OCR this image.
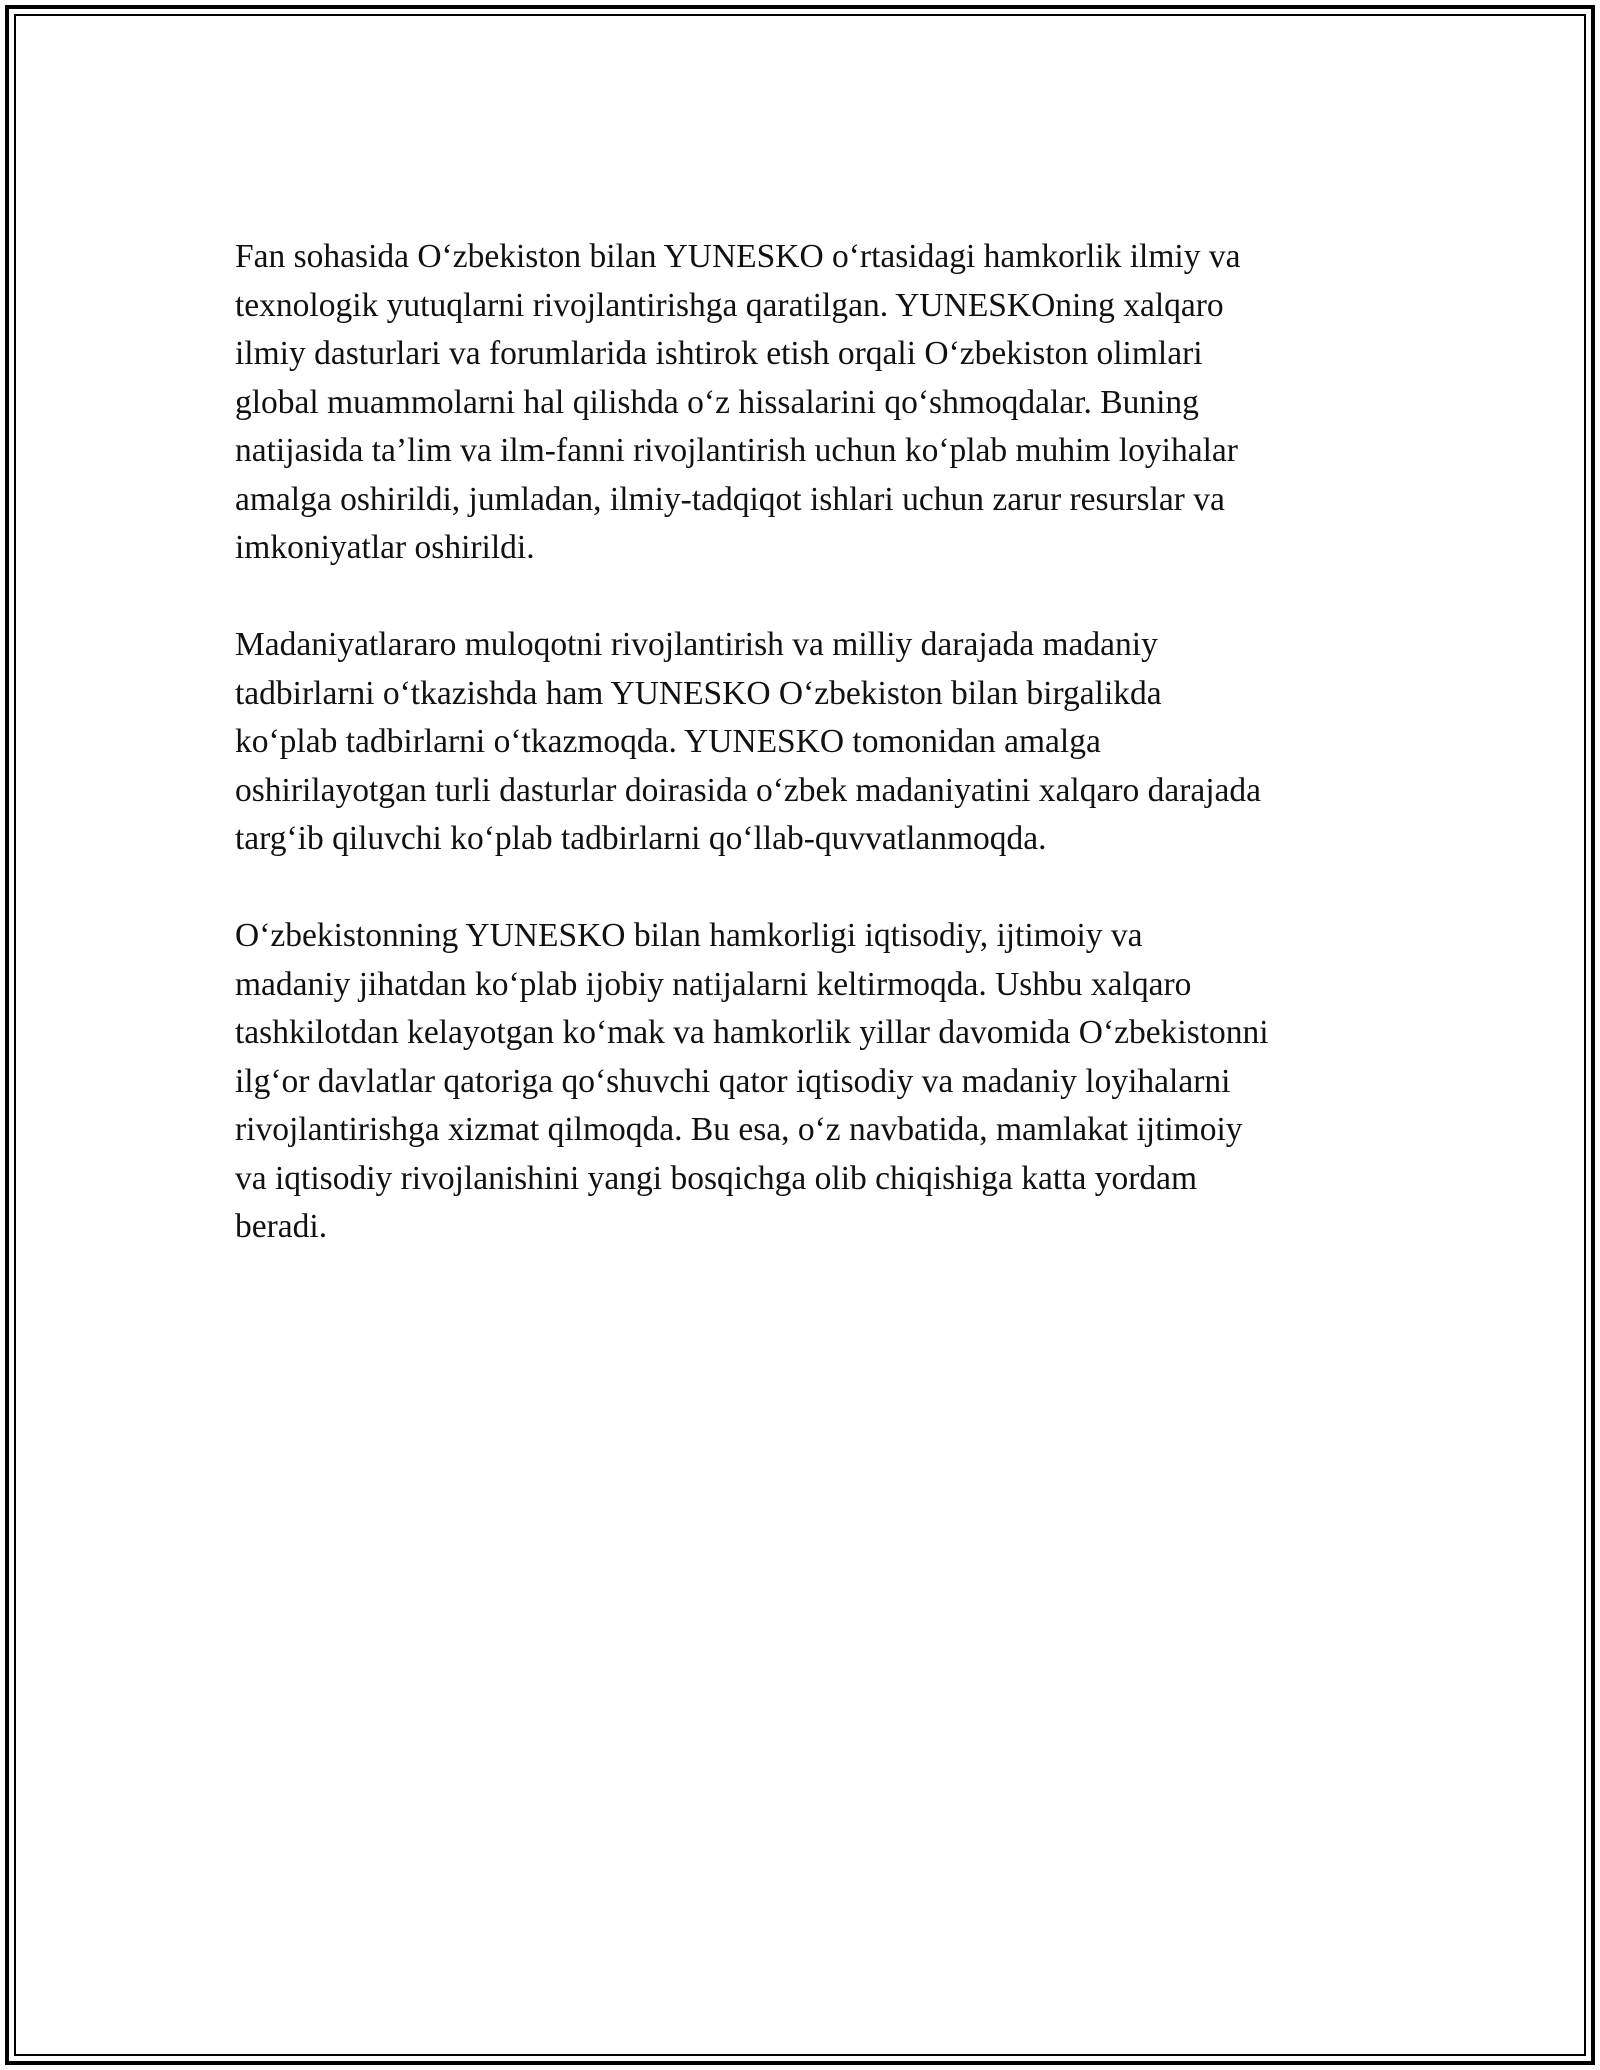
Fan sohasida O‘zbekiston bilan YUNESKO o‘rtasidagi hamkorlik ilmiy va
texnologik yutuqlarni rivojlantirishga qaratilgan. YUNESKOning xalqaro
ilmiy dasturlari va forumlarida ishtirok etish orqali O‘zbekiston olimlari
global muammolarni hal qilishda o‘z hissalarini qo‘shmoqdalar. Buning
natijasida ta’lim va ilm-fanni rivojlantirish uchun ko‘plab muhim loyihalar
amalga oshirildi, jumladan, ilmiy-tadqiqot ishlari uchun zarur resurslar va
imkoniyatlar oshirildi.

Madaniyatlararo muloqotni rivojlantirish va milliy darajada madaniy
tadbirlarni o‘tkazishda ham YUNESKO O‘zbekiston bilan birgalikda
ko‘plab tadbirlarni o‘tkazmoqda. YUNESKO tomonidan amalga
oshirilayotgan turli dasturlar doirasida o‘zbek madaniyatini xalqaro darajada
targ‘ib qiluvchi ko‘plab tadbirlarni qo‘llab-quvvatlanmoqda.

O‘zbekistonning YUNESKO bilan hamkorligi iqtisodiy, ijtimoiy va
madaniy jihatdan ko‘plab ijobiy natijalarni keltirmoqda. Ushbu xalqaro
tashkilotdan kelayotgan ko‘mak va hamkorlik yillar davomida O‘zbekistonni
ilg‘or davlatlar qatoriga qo‘shuvchi qator iqtisodiy va madaniy loyihalarni
rivojlantirishga xizmat qilmoqda. Bu esa, o‘z navbatida, mamlakat ijtimoiy
va iqtisodiy rivojlanishini yangi bosqichga olib chiqishiga katta yordam
beradi.
